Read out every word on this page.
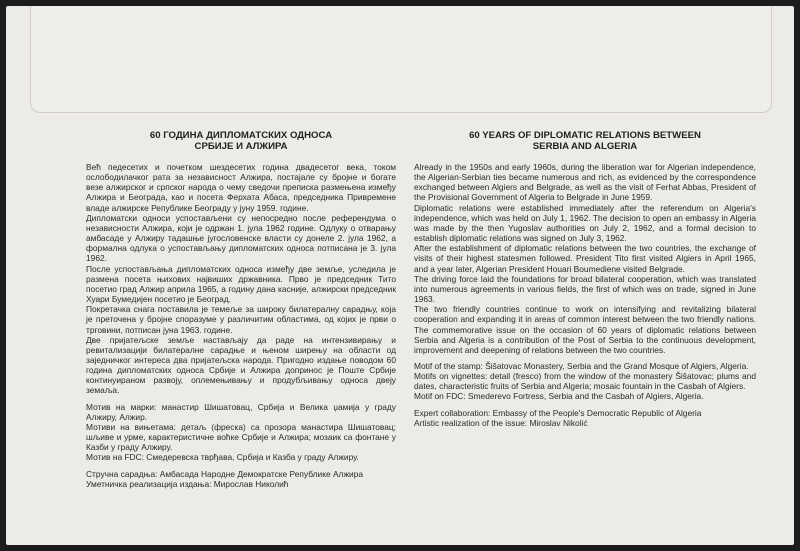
60 ГОДИНА ДИПЛОМАТСКИХ ОДНОСА
СРБИЈЕ И АЛЖИРА

Већ педесетих и почетком шездесетих година двадесетог века, током ослободилачког рата за независност Алжира, постајале су бројне и богате везе алжирског и српског народа о чему сведочи преписка размењена између Алжира и Београда, као и посета Ферхата Абаса, председника Привремене владе алжирске Републике Београду у јуну 1959. године.

Дипломатски односи успостављени су непосредно после референдума о независности Алжира, који је одржан 1. јула 1962 године. Одлуку о отварању амбасаде у Алжиру тадашње југословенске власти су донеле 2. јула 1962, а формална одлука о успостављању дипломатских односа потписана је 3. јула 1962.

После успостављања дипломатских односа између две земље, уследила је размена посета њихових највиших државника. Прво је председник Тито посетио град Алжир априла 1965, а годину дана касније, алжирски председник Хуари Бумедијен посетио је Београд.

Покретачка снага поставила је темеље за широку билатералну сарадњу, која је преточена у бројне споразуме у различитим областима, од којих је први о трговини, потписан јуна 1963. године.

Две пријатељске земље настављају да раде на интензивирању и ревитализацији билатералне сарадње и њеном ширењу на области од заједничког интереса два пријатељска народа. Пригодно издање поводом 60 година дипломатских односа Србије и Алжира доприноc је Поште Србије континуираном развоју, оплемењивању и продубљивању односа двеју земаља.

Мотив на марки: манастир Шишатовац, Србија и Велика џамија у граду Алжиру, Алжир.

Мотиви на вињетама: детаљ (фреска) са прозора манастира Шишатовац; шљиве и урме, карактеристичне воћке Србије и Алжира; мозаик са фонтане у Казби у граду Алжиру.

Мотив на FDC: Смедеревска тврђава, Србија и Казба у граду Алжиру.

Стручна сарадња: Амбасада Народне Демократске Републике Алжира

Уметничка реализација издања: Мирослав Николић

60 YEARS OF DIPLOMATIC RELATIONS BETWEEN
SERBIA AND ALGERIA

Already in the 1950s and early 1960s, during the liberation war for Algerian independence, the Algerian-Serbian ties became numerous and rich, as evidenced by the correspondence exchanged between Algiers and Belgrade, as well as the visit of Ferhat Abbas, President of the Provisional Government of Algeria to Belgrade in June 1959.

Diplomatic relations were established immediately after the referendum on Algeria's independence, which was held on July 1, 1962. The decision to open an embassy in Algeria was made by the then Yugoslav authorities on July 2, 1962, and a formal decision to establish diplomatic relations was signed on July 3, 1962.

After the establishment of diplomatic relations between the two countries, the exchange of visits of their highest statesmen followed. President Tito first visited Algiers in April 1965, and a year later, Algerian President Houari Boumediene visited Belgrade.

The driving force laid the foundations for broad bilateral cooperation, which was translated into numerous agreements in various fields, the first of which was on trade, signed in June 1963.

The two friendly countries continue to work on intensifying and revitalizing bilateral cooperation and expanding it in areas of common interest between the two friendly nations. The commemorative issue on the occasion of 60 years of diplomatic relations between Serbia and Algeria is a contribution of the Post of Serbia to the continuous development, improvement and deepening of relations between the two countries.

Motif of the stamp: Šišatovac Monastery, Serbia and the Grand Mosque of Algiers, Algeria.

Motifs on vignettes: detail (fresco) from the window of the monastery Šišatovac; plums and dates, characteristic fruits of Serbia and Algeria; mosaic fountain in the Casbah of Algiers.

Motif on FDC: Smederevo Fortress, Serbia and the Casbah of Algiers, Algeria.

Expert collaboration: Embassy of the People's Democratic Republic of Algeria

Artistic realization of the issue: Miroslav Nikolić
